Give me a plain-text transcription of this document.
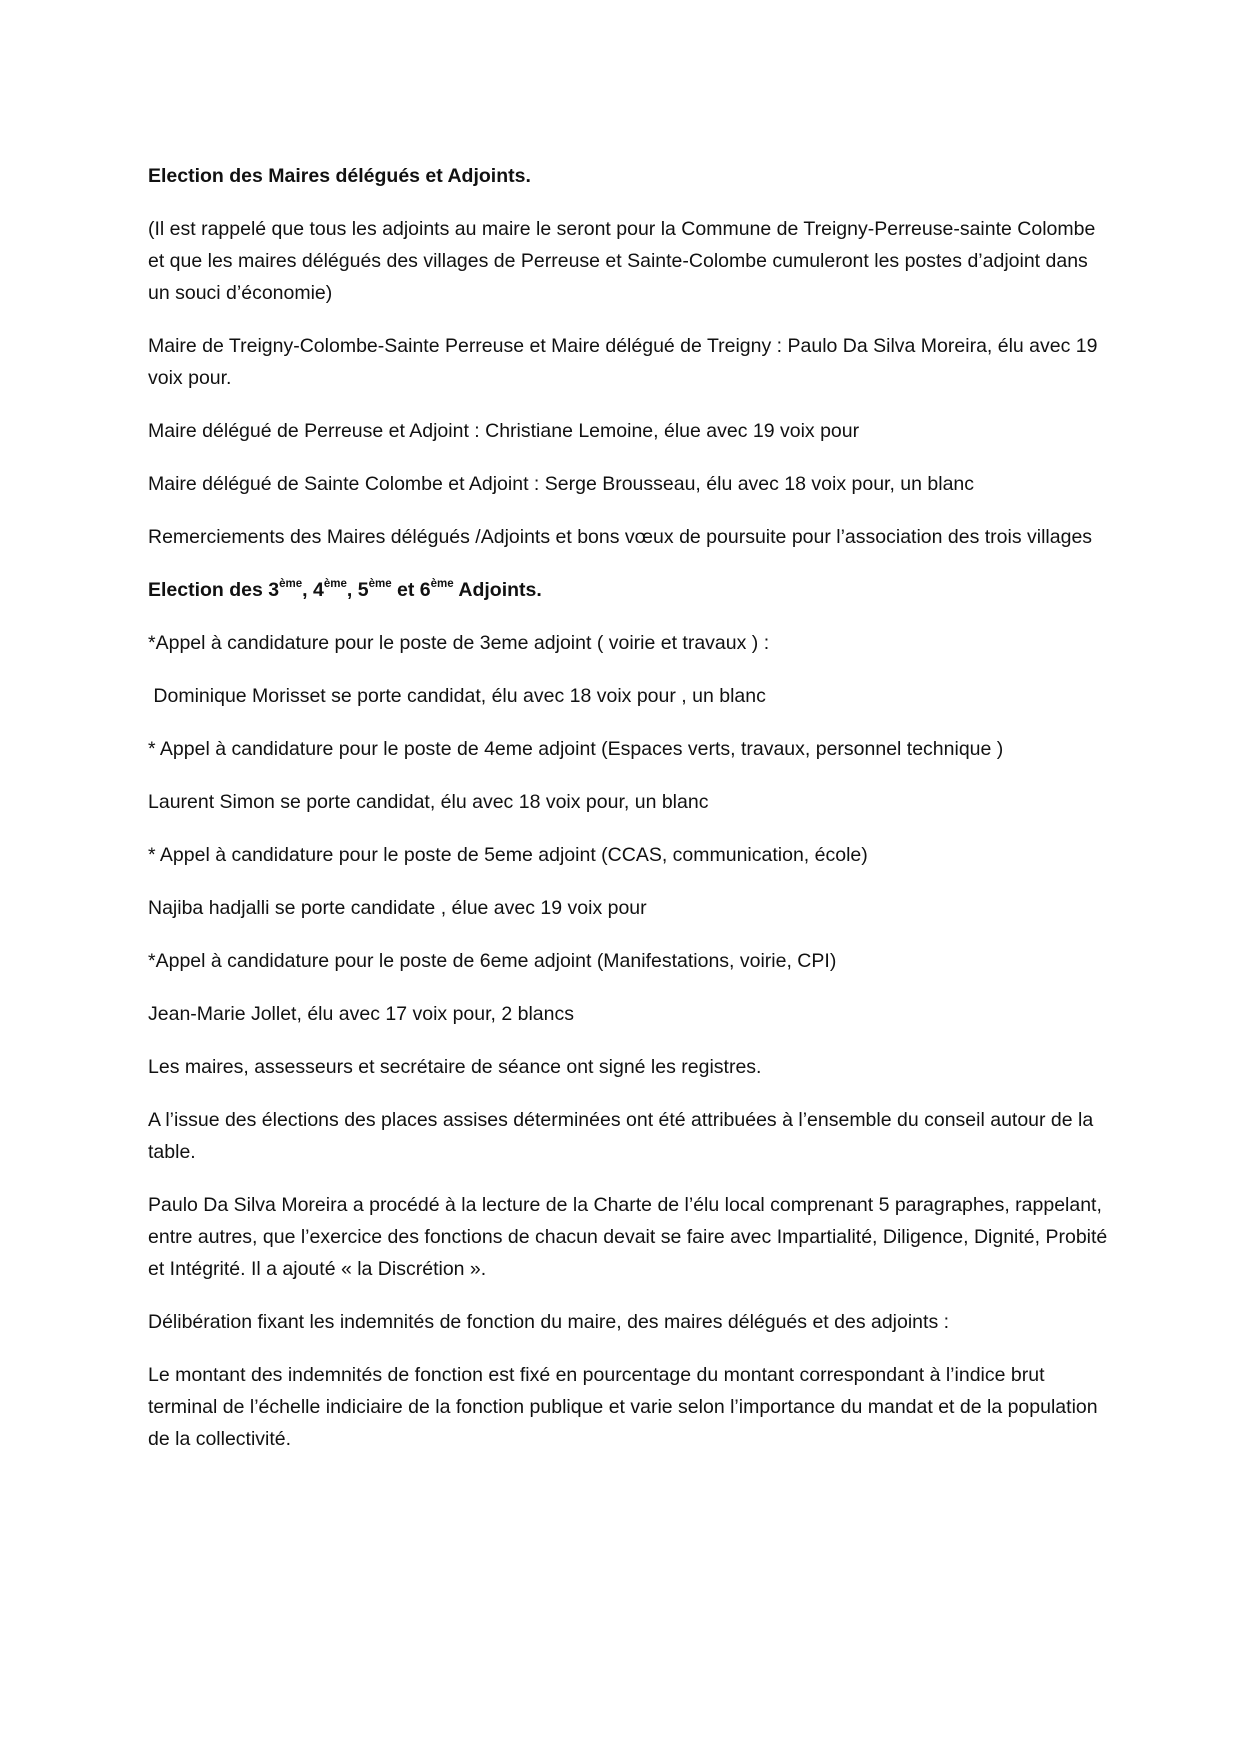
Election des Maires délégués et Adjoints.

(Il est rappelé que tous les adjoints au maire le seront pour la Commune de Treigny-Perreuse-sainte Colombe et que les maires délégués des villages de Perreuse et Sainte-Colombe cumuleront les postes d’adjoint dans un souci d’économie)

Maire de Treigny-Colombe-Sainte Perreuse et Maire délégué de Treigny : Paulo Da Silva Moreira, élu avec 19 voix pour.

Maire délégué de Perreuse et Adjoint : Christiane Lemoine, élue avec 19 voix pour

Maire délégué de Sainte Colombe et Adjoint : Serge Brousseau, élu avec 18 voix pour, un blanc

Remerciements des Maires délégués /Adjoints et bons vœux de poursuite pour l’association des trois villages

Election des 3ème, 4ème, 5ème et 6ème Adjoints.

*Appel à candidature pour le poste de 3eme adjoint ( voirie et travaux ) :

Dominique Morisset se porte candidat, élu avec 18 voix pour , un blanc

* Appel à candidature pour le poste de 4eme adjoint (Espaces verts, travaux, personnel technique )

Laurent Simon se porte candidat, élu avec 18 voix pour, un blanc

* Appel à candidature pour le poste de 5eme adjoint (CCAS, communication, école)

Najiba hadjalli se porte candidate , élue avec 19 voix pour

*Appel à candidature pour le poste de 6eme adjoint (Manifestations, voirie, CPI)

Jean-Marie Jollet, élu avec 17 voix pour, 2 blancs

Les maires, assesseurs et secrétaire de séance ont signé les registres.

A l’issue des élections des places assises déterminées ont été attribuées à l’ensemble du conseil autour de la table.

Paulo Da Silva Moreira a procédé à la lecture de la Charte de l’élu local comprenant 5 paragraphes, rappelant, entre autres, que l’exercice des fonctions de chacun devait se faire avec Impartialité, Diligence, Dignité, Probité et Intégrité. Il a ajouté « la Discrétion ».

Délibération fixant les indemnités de fonction du maire, des maires délégués et des adjoints :

Le montant des indemnités de fonction est fixé en pourcentage du montant correspondant à l’indice brut terminal de l’échelle indiciaire de la fonction publique et varie selon l’importance du mandat et de la population de la collectivité.
